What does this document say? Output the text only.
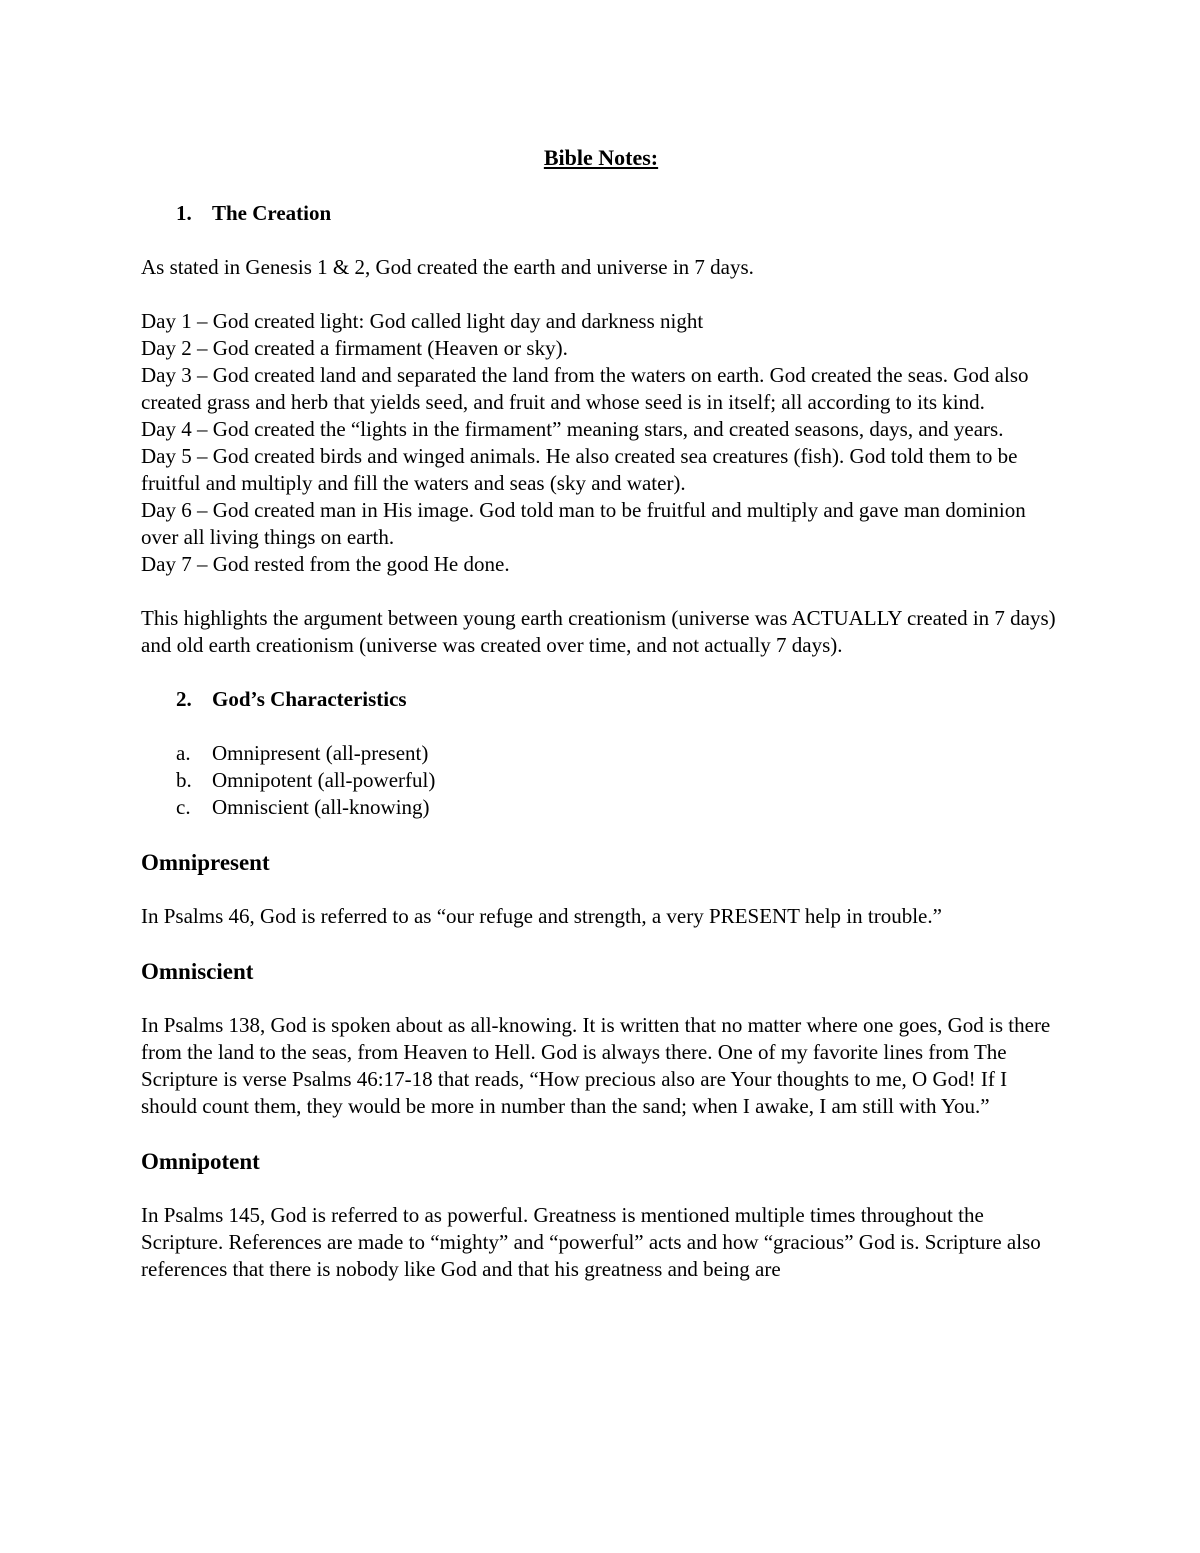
Bible Notes:
1. The Creation

As stated in Genesis 1 & 2, God created the earth and universe in 7 days.

Day 1 – God created light: God called light day and darkness night

Day 2 – God created a firmament (Heaven or sky).

Day 3 – God created land and separated the land from the waters on earth. God created the seas. God also created grass and herb that yields seed, and fruit and whose seed is in itself; all according to its kind.

Day 4 – God created the “lights in the firmament” meaning stars, and created seasons, days, and years.

Day 5 – God created birds and winged animals. He also created sea creatures (fish). God told them to be fruitful and multiply and fill the waters and seas (sky and water).

Day 6 – God created man in His image. God told man to be fruitful and multiply and gave man dominion over all living things on earth.

Day 7 – God rested from the good He done.

This highlights the argument between young earth creationism (universe was ACTUALLY created in 7 days) and old earth creationism (universe was created over time, and not actually 7 days).

2. God’s Characteristics
a.	Omnipresent (all-present)
b. Omnipotent (all-powerful)
c.	Omniscient (all-knowing)
Omnipresent

In Psalms 46, God is referred to as “our refuge and strength, a very PRESENT help in trouble.”

Omniscient

In Psalms 138, God is spoken about as all-knowing. It is written that no matter where one goes, God is there from the land to the seas, from Heaven to Hell. God is always there. One of my favorite lines from The Scripture is verse Psalms 46:17-18 that reads, “How precious also are Your thoughts to me, O God! If I should count them, they would be more in number than the sand; when I awake, I am still with You.”

Omnipotent

In Psalms 145, God is referred to as powerful. Greatness is mentioned multiple times throughout the Scripture. References are made to “mighty” and “powerful” acts and how “gracious” God is. Scripture also references that there is nobody like God and that his greatness and being are
